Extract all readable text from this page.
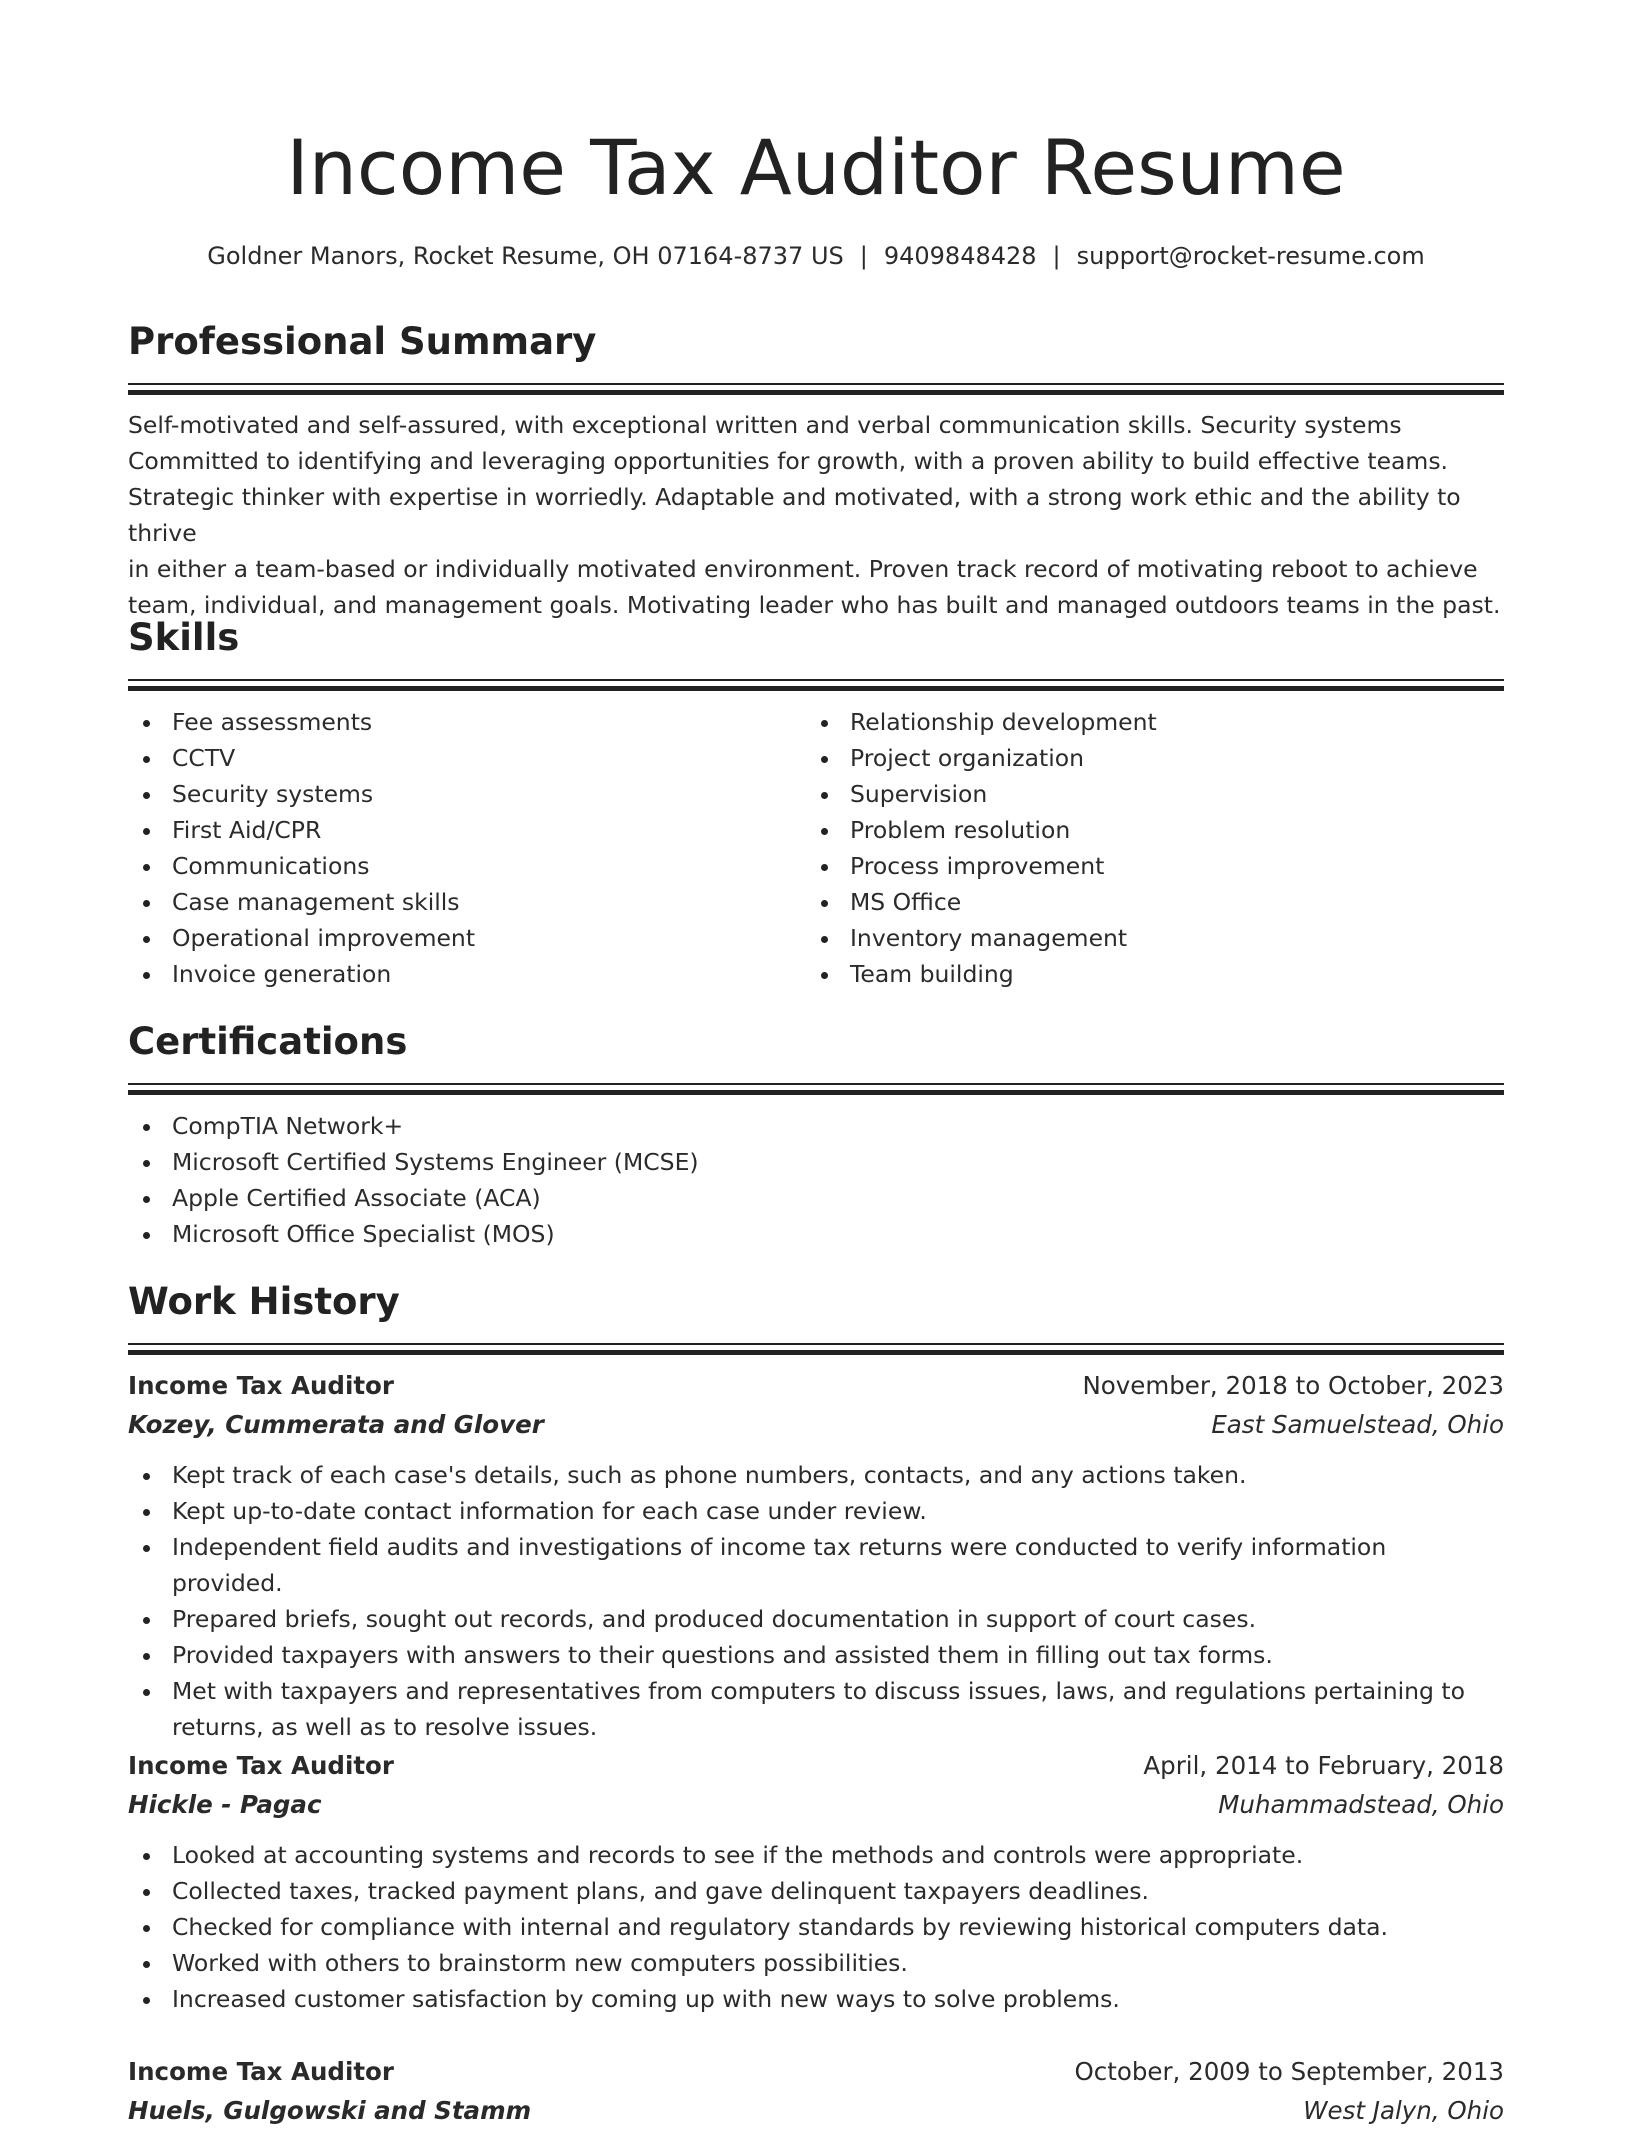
Income Tax Auditor Resume
Goldner Manors, Rocket Resume, OH 07164-8737 US | 9409848428 | support@rocket-resume.com
Professional Summary
Self-motivated and self-assured, with exceptional written and verbal communication skills. Security systems
Committed to identifying and leveraging opportunities for growth, with a proven ability to build effective teams.
Strategic thinker with expertise in worriedly. Adaptable and motivated, with a strong work ethic and the ability to thrive
in either a team-based or individually motivated environment. Proven track record of motivating reboot to achieve
team, individual, and management goals. Motivating leader who has built and managed outdoors teams in the past.
Skills
Fee assessments
CCTV
Security systems
First Aid/CPR
Communications
Case management skills
Operational improvement
Invoice generation
Relationship development
Project organization
Supervision
Problem resolution
Process improvement
MS Office
Inventory management
Team building
Certifications
CompTIA Network+
Microsoft Certified Systems Engineer (MCSE)
Apple Certified Associate (ACA)
Microsoft Office Specialist (MOS)
Work History
Income Tax Auditor	November, 2018 to October, 2023
Kozey, Cummerata and Glover	East Samuelstead, Ohio
Kept track of each case's details, such as phone numbers, contacts, and any actions taken.
Kept up-to-date contact information for each case under review.
Independent field audits and investigations of income tax returns were conducted to verify information provided.
Prepared briefs, sought out records, and produced documentation in support of court cases.
Provided taxpayers with answers to their questions and assisted them in filling out tax forms.
Met with taxpayers and representatives from computers to discuss issues, laws, and regulations pertaining to returns, as well as to resolve issues.
Income Tax Auditor	April, 2014 to February, 2018
Hickle - Pagac	Muhammadstead, Ohio
Looked at accounting systems and records to see if the methods and controls were appropriate.
Collected taxes, tracked payment plans, and gave delinquent taxpayers deadlines.
Checked for compliance with internal and regulatory standards by reviewing historical computers data.
Worked with others to brainstorm new computers possibilities.
Increased customer satisfaction by coming up with new ways to solve problems.
Income Tax Auditor	October, 2009 to September, 2013
Huels, Gulgowski and Stamm	West Jalyn, Ohio
